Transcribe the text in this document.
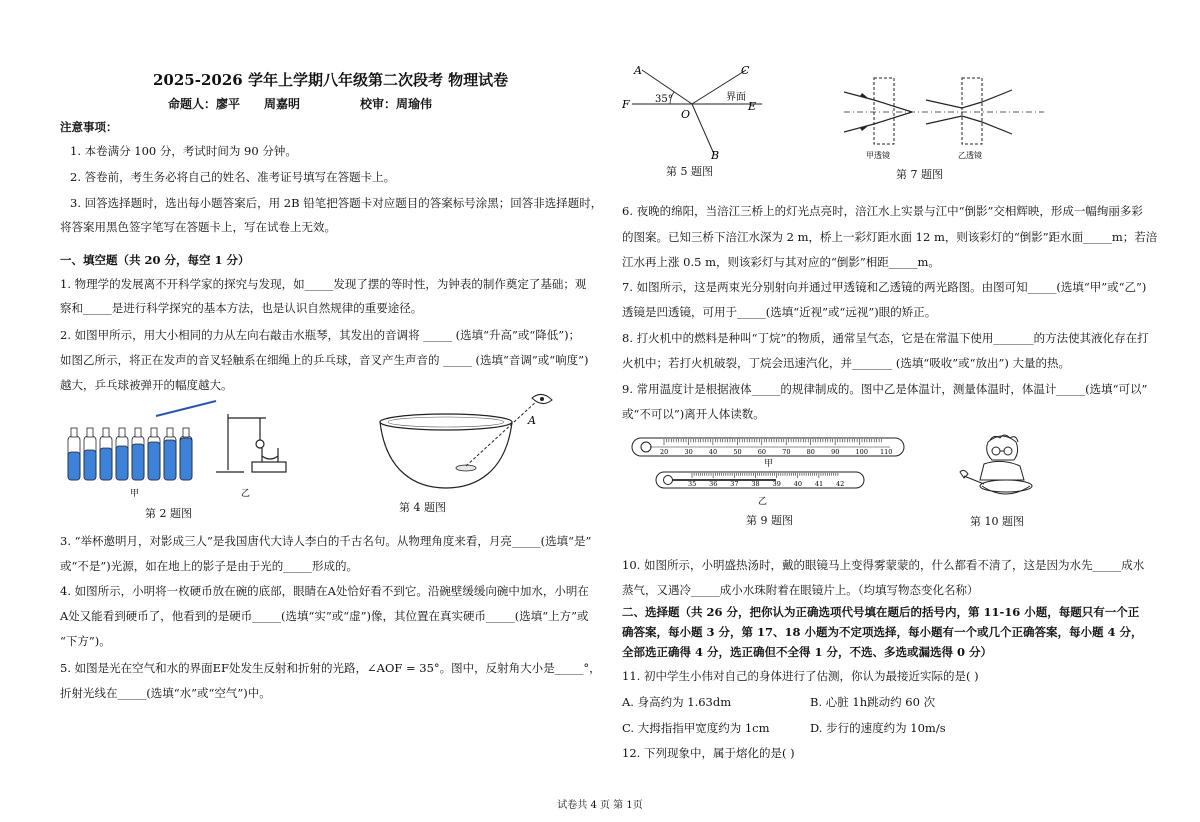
2025-2026 学年上学期八年级第二次段考 物理试卷
命题人：廖平　　周嘉明　　　　　校审：周瑜伟
注意事项：
1. 本卷满分 100 分，考试时间为 90 分钟。
2. 答卷前，考生务必将自己的姓名、准考证号填写在答题卡上。
3. 回答选择题时，选出每小题答案后，用 2B 铅笔把答题卡对应题目的答案标号涂黑；回答非选择题时，
将答案用黑色签字笔写在答题卡上，写在试卷上无效。
一、填空题（共 20 分，每空 1 分）
1. 物理学的发展离不开科学家的探究与发现，如_____发现了摆的等时性，为钟表的制作奠定了基础；观
察和_____是进行科学探究的基本方法，也是认识自然规律的重要途径。
2. 如图甲所示，用大小相同的力从左向右敲击水瓶琴，其发出的音调将 _____ (选填“升高”或“降低”)；
如图乙所示，将正在发声的音叉轻触系在细绳上的乒乓球，音叉产生声音的 _____ (选填“音调”或“响度”)
越大，乒乓球被弹开的幅度越大。
甲	乙
第 2 题图
A
第 4 题图
3. “举杯邀明月，对影成三人”是我国唐代大诗人李白的千古名句。从物理角度来看，月亮_____(选填“是”
或“不是”)光源，如在地上的影子是由于光的_____形成的。
4. 如图所示，小明将一枚硬币放在碗的底部，眼睛在A处恰好看不到它。沿碗壁缓缓向碗中加水，小明在
A处又能看到硬币了，他看到的是硬币_____(选填“实”或“虚”)像，其位置在真实硬币_____(选填“上方”或
“下方”)。
5. 如图是光在空气和水的界面EF处发生反射和折射的光路，∠AOF = 35°。图中，反射角大小是_____°，
折射光线在_____(选填“水”或“空气”)中。
A	C
F
O
E
B
35°	界面
第 5 题图
甲透镜	乙透镜
第 7 题图
6. 夜晚的绵阳，当涪江三桥上的灯光点亮时，涪江水上实景与江中“倒影”交相辉映，形成一幅绚丽多彩
的图案。已知三桥下涪江水深为 2 m，桥上一彩灯距水面 12 m，则该彩灯的“倒影”距水面_____m；若涪
江水再上涨 0.5 m，则该彩灯与其对应的“倒影”相距_____m。
7. 如图所示，这是两束光分别射向并通过甲透镜和乙透镜的两光路图。由图可知_____(选填“甲”或“乙”)
透镜是凹透镜，可用于_____(选填“近视”或“远视”)眼的矫正。
8. 打火机中的燃料是种叫“丁烷”的物质，通常呈气态，它是在常温下使用_______的方法使其液化存在打
火机中；若打火机破裂，丁烷会迅速汽化，并_______ (选填“吸收”或“放出”) 大量的热。
9. 常用温度计是根据液体_____的规律制成的。图中乙是体温计，测量体温时，体温计_____(选填“可以”
或“不可以”)离开人体读数。
20 30 40 50 60 70 80 90 100 110
甲
35 36 37 38 39 40 41 42
乙
第 9 题图	第 10 题图
10. 如图所示，小明盛热汤时，戴的眼镜马上变得雾蒙蒙的，什么都看不清了，这是因为水先_____成水
蒸气，又遇冷_____成小水珠附着在眼镜片上。（均填写物态变化名称）
二、选择题（共 26 分，把你认为正确选项代号填在题后的括号内，第 11-16 小题，每题只有一个正
确答案，每小题 3 分，第 17、18 小题为不定项选择，每小题有一个或几个正确答案，每小题 4 分，
全部选正确得 4 分，选正确但不全得 1 分，不选、多选或漏选得 0 分）
11. 初中学生小伟对自己的身体进行了估测，你认为最接近实际的是( )
A. 身高约为 1.63dm	B. 心脏 1h跳动约 60 次
C. 大拇指指甲宽度约为 1cm	D. 步行的速度约为 10m/s
12. 下列现象中，属于熔化的是( )
试卷共 4 页 第 1页
